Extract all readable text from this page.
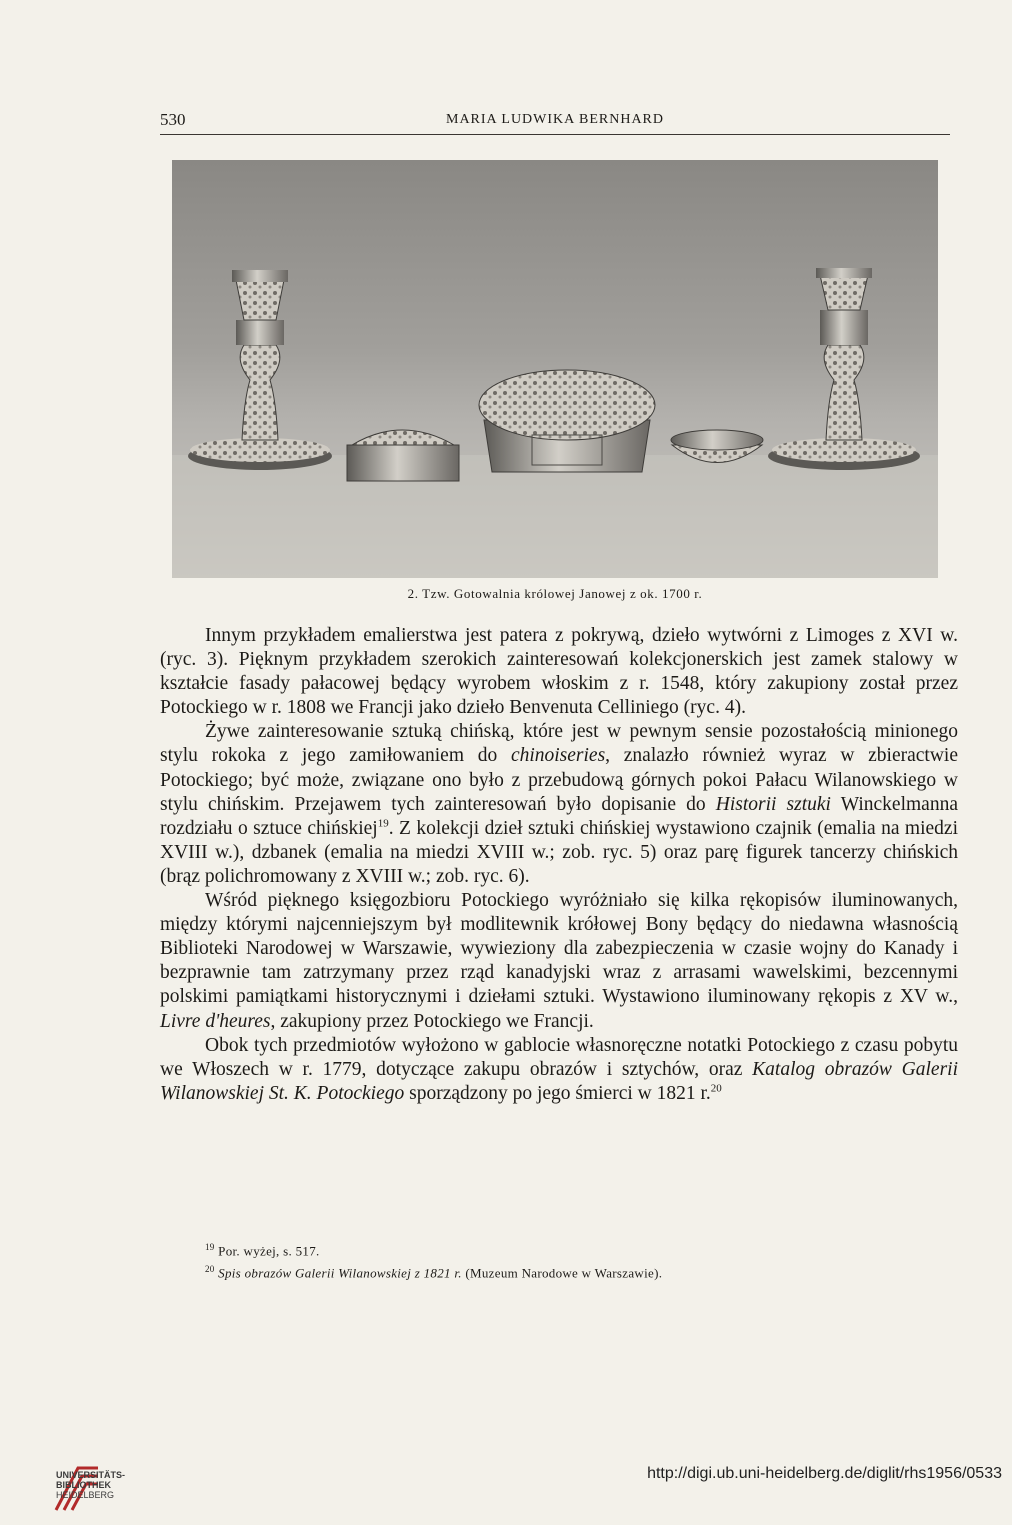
530	MARIA LUDWIKA BERNHARD
2. Tzw. Gotowalnia królowej Janowej z ok. 1700 r.

Innym przykładem emalierstwa jest patera z pokrywą, dzieło wytwórni z Limoges z XVI w. (ryc. 3). Pięknym przykładem szerokich zainteresowań kolekcjonerskich jest zamek stalowy w kształcie fasady pałacowej będący wyrobem włoskim z r. 1548, który zakupiony został przez Potockiego w r. 1808 we Francji jako dzieło Benvenuta Celliniego (ryc. 4).

Żywe zainteresowanie sztuką chińską, które jest w pewnym sensie pozostałością minionego stylu rokoka z jego zamiłowaniem do chinoiseries, znalazło również wyraz w zbieractwie Potockiego; być może, związane ono było z przebudową górnych pokoi Pałacu Wilanowskiego w stylu chińskim. Przejawem tych zainteresowań było dopisanie do Historii sztuki Winckelmanna rozdziału o sztuce chińskiej$^{19}$. Z kolekcji dzieł sztuki chińskiej wystawiono czajnik (emalia na miedzi XVIII w.), dzbanek (emalia na miedzi XVIII w.; zob. ryc. 5) oraz parę figurek tancerzy chińskich (brąz polichromowany z XVIII w.; zob. ryc. 6).

Wśród pięknego księgozbioru Potockiego wyróżniało się kilka rękopisów iluminowanych, między którymi najcenniejszym był modlitewnik krółowej Bony będący do niedawna własnością Biblioteki Narodowej w Warszawie, wywieziony dla zabezpieczenia w czasie wojny do Kanady i bezprawnie tam zatrzymany przez rząd kanadyjski wraz z arrasami wawelskimi, bezcennymi polskimi pamiątkami historycznymi i dziełami sztuki. Wystawiono iluminowany rękopis z XV w., Livre d'heures, zakupiony przez Potockiego we Francji.

Obok tych przedmiotów wyłożono w gablocie własnoręczne notatki Potockiego z czasu pobytu we Włoszech w r. 1779, dotyczące zakupu obrazów i sztychów, oraz Katalog obrazów Galerii Wilanowskiej St. K. Potockiego sporządzony po jego śmierci w 1821 r.$^{20}$

$^{19}$ Por. wyżej, s. 517.
$^{20}$ Spis obrazów Galerii Wilanowskiej z 1821 r. (Muzeum Narodowe w Warszawie).
UNIVERSITÄTS-
BIBLIOTHEK
HEIDELBERG
http://digi.ub.uni-heidelberg.de/diglit/rhs1956/0533
